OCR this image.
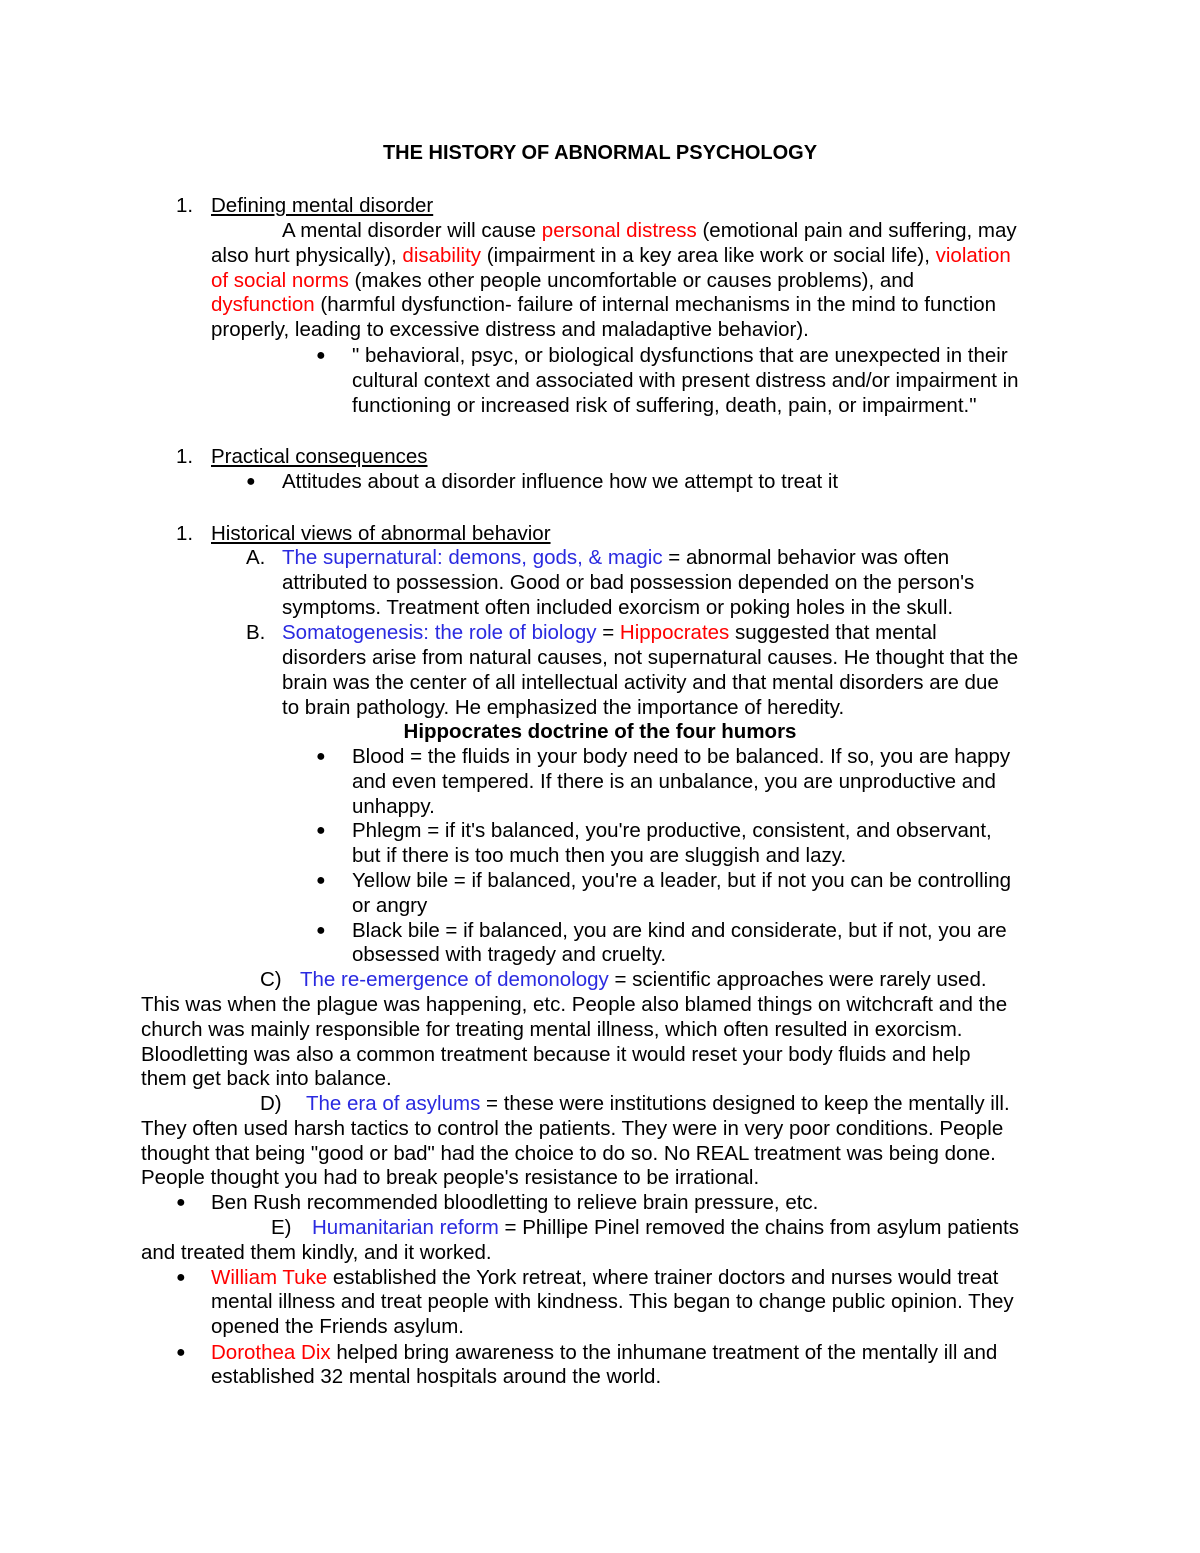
THE HISTORY OF ABNORMAL PSYCHOLOGY
1. Defining mental disorder
A mental disorder will cause personal distress (emotional pain and suffering, may
also hurt physically), disability (impairment in a key area like work or social life), violation
of social norms (makes other people uncomfortable or causes problems), and
dysfunction (harmful dysfunction- failure of internal mechanisms in the mind to function
properly, leading to excessive distress and maladaptive behavior).
● " behavioral, psyc, or biological dysfunctions that are unexpected in their
cultural context and associated with present distress and/or impairment in
functioning or increased risk of suffering, death, pain, or impairment."
1. Practical consequences
● Attitudes about a disorder influence how we attempt to treat it
1. Historical views of abnormal behavior
A. The supernatural: demons, gods, & magic = abnormal behavior was often
attributed to possession. Good or bad possession depended on the person's
symptoms. Treatment often included exorcism or poking holes in the skull.
B. Somatogenesis: the role of biology = Hippocrates suggested that mental
disorders arise from natural causes, not supernatural causes. He thought that the
brain was the center of all intellectual activity and that mental disorders are due
to brain pathology. He emphasized the importance of heredity.
Hippocrates doctrine of the four humors
● Blood = the fluids in your body need to be balanced. If so, you are happy
and even tempered. If there is an unbalance, you are unproductive and
unhappy.
● Phlegm = if it's balanced, you're productive, consistent, and observant,
but if there is too much then you are sluggish and lazy.
● Yellow bile = if balanced, you're a leader, but if not you can be controlling
or angry
● Black bile = if balanced, you are kind and considerate, but if not, you are
obsessed with tragedy and cruelty.
C) The re-emergence of demonology = scientific approaches were rarely used.
This was when the plague was happening, etc. People also blamed things on witchcraft and the
church was mainly responsible for treating mental illness, which often resulted in exorcism.
Bloodletting was also a common treatment because it would reset your body fluids and help
them get back into balance.
D) The era of asylums = these were institutions designed to keep the mentally ill.
They often used harsh tactics to control the patients. They were in very poor conditions. People
thought that being "good or bad" had the choice to do so. No REAL treatment was being done.
People thought you had to break people's resistance to be irrational.
● Ben Rush recommended bloodletting to relieve brain pressure, etc.
E) Humanitarian reform = Phillipe Pinel removed the chains from asylum patients
and treated them kindly, and it worked.
● William Tuke established the York retreat, where trainer doctors and nurses would treat
mental illness and treat people with kindness. This began to change public opinion. They
opened the Friends asylum.
● Dorothea Dix helped bring awareness to the inhumane treatment of the mentally ill and
established 32 mental hospitals around the world.
